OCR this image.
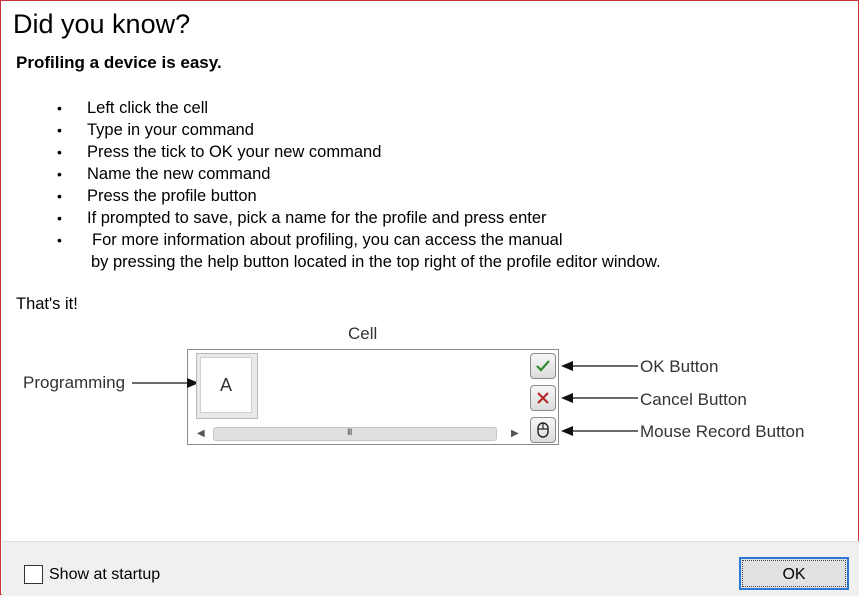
Did you know?

Profiling a device is easy.

• Left click the cell
• Type in your command
• Press the tick to OK your new command
• Name the new command
• Press the profile button
• If prompted to save, pick a name for the profile and press enter
• For more information about profiling, you can access the manual
by pressing the help button located in the top right of the profile editor window.
That's it!
Cell
Programming
OK Button
Cancel Button
Mouse Record Button
A
◀	III	▶
Show at startup	OK
